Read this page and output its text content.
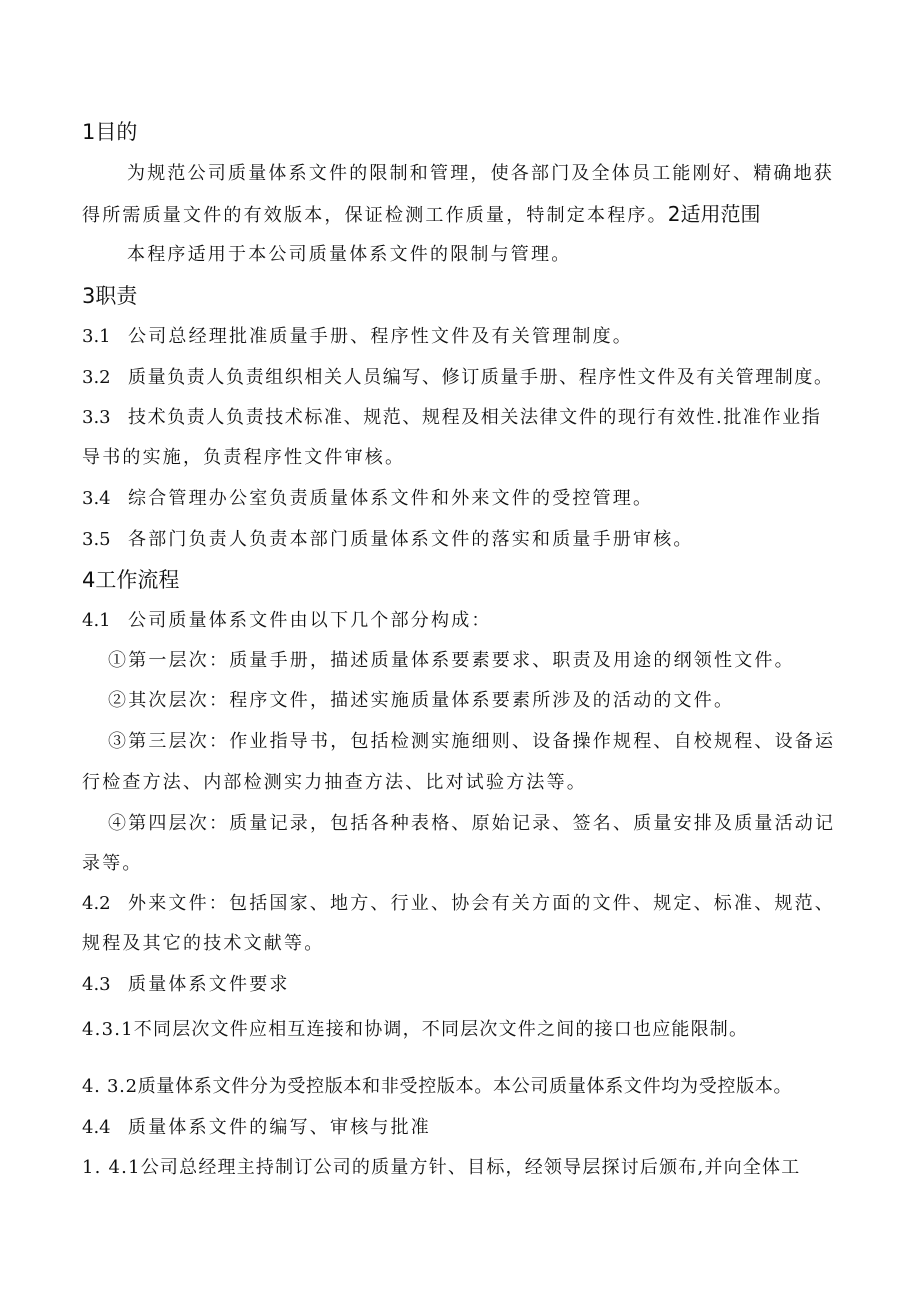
1目的
为规范公司质量体系文件的限制和管理，使各部门及全体员工能刚好、精确地获
得所需质量文件的有效版本，保证检测工作质量，特制定本程序。2适用范围
本程序适用于本公司质量体系文件的限制与管理。
3职责
3.1 公司总经理批准质量手册、程序性文件及有关管理制度。
3.2 质量负责人负责组织相关人员编写、修订质量手册、程序性文件及有关管理制度。
3.3 技术负责人负责技术标准、规范、规程及相关法律文件的现行有效性.批准作业指
导书的实施，负责程序性文件审核。
3.4 综合管理办公室负责质量体系文件和外来文件的受控管理。
3.5 各部门负责人负责本部门质量体系文件的落实和质量手册审核。
4工作流程
4.1 公司质量体系文件由以下几个部分构成：
①第一层次：质量手册，描述质量体系要素要求、职责及用途的纲领性文件。
②其次层次：程序文件，描述实施质量体系要素所涉及的活动的文件。
③第三层次：作业指导书，包括检测实施细则、设备操作规程、自校规程、设备运
行检查方法、内部检测实力抽查方法、比对试验方法等。
④第四层次：质量记录，包括各种表格、原始记录、签名、质量安排及质量活动记
录等。
4.2 外来文件：包括国家、地方、行业、协会有关方面的文件、规定、标准、规范、
规程及其它的技术文献等。
4.3 质量体系文件要求
4.3.1不同层次文件应相互连接和协调，不同层次文件之间的接口也应能限制。
4. 3.2质量体系文件分为受控版本和非受控版本。本公司质量体系文件均为受控版本。
4.4 质量体系文件的编写、审核与批准
1. 4.1公司总经理主持制订公司的质量方针、目标，经领导层探讨后颁布,并向全体工
